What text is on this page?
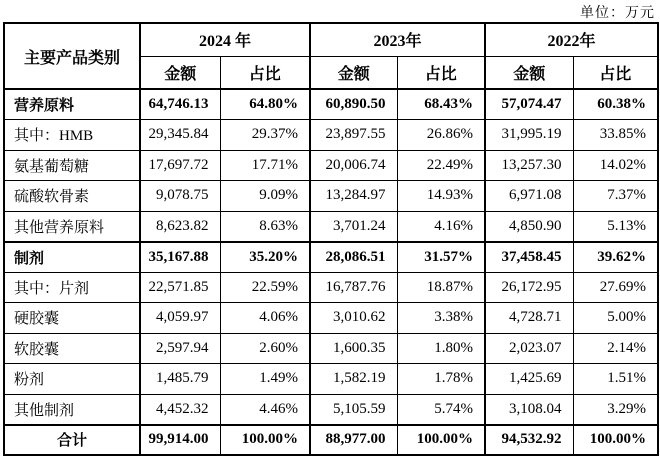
单位：万元
主要产品类别	2024 年		2023年		2022年	
	金额	占比	金额	占比	金额	占比
营养原料	64,746.13	64.80%	60,890.50	68.43%	57,074.47	60.38%
其中：HMB	29,345.84	29.37%	23,897.55	26.86%	31,995.19	33.85%
氨基葡萄糖	17,697.72	17.71%	20,006.74	22.49%	13,257.30	14.02%
硫酸软骨素	9,078.75	9.09%	13,284.97	14.93%	6,971.08	7.37%
其他营养原料	8,623.82	8.63%	3,701.24	4.16%	4,850.90	5.13%
制剂	35,167.88	35.20%	28,086.51	31.57%	37,458.45	39.62%
其中：片剂	22,571.85	22.59%	16,787.76	18.87%	26,172.95	27.69%
硬胶囊	4,059.97	4.06%	3,010.62	3.38%	4,728.71	5.00%
软胶囊	2,597.94	2.60%	1,600.35	1.80%	2,023.07	2.14%
粉剂	1,485.79	1.49%	1,582.19	1.78%	1,425.69	1.51%
其他制剂	4,452.32	4.46%	5,105.59	5.74%	3,108.04	3.29%
合计	99,914.00	100.00%	88,977.00	100.00%	94,532.92	100.00%
